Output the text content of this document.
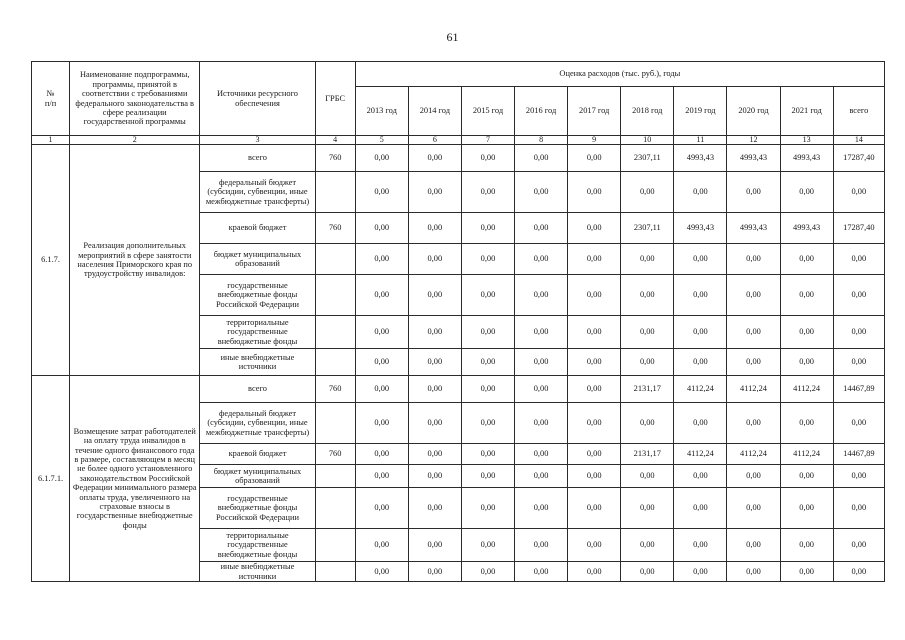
61
№
п/п	Наименование подпрограммы, программы, принятой в соответствии с требованиями федерального законодательства в сфере реализации государственной программы	Источники ресурсного обеспечения	ГРБС	Оценка расходов (тыс. руб.), годы									
				2013 год	2014 год	2015 год	2016 год	2017 год	2018 год	2019 год	2020 год	2021 год	всего
1	2	3	4	5	6	7	8	9	10	11	12	13	14
6.1.7.	Реализация дополнительных мероприятий в сфере занятости населения Приморского края по трудоустройству инвалидов:	всего	760	0,00	0,00	0,00	0,00	0,00	2307,11	4993,43	4993,43	4993,43	17287,40
		федеральный бюджет (субсидии, субвенции, иные межбюджетные трансферты)		0,00	0,00	0,00	0,00	0,00	0,00	0,00	0,00	0,00	0,00
		краевой бюджет	760	0,00	0,00	0,00	0,00	0,00	2307,11	4993,43	4993,43	4993,43	17287,40
		бюджет муниципальных образований		0,00	0,00	0,00	0,00	0,00	0,00	0,00	0,00	0,00	0,00
		государственные внебюджетные фонды Российской Федерации		0,00	0,00	0,00	0,00	0,00	0,00	0,00	0,00	0,00	0,00
		территориальные государственные внебюджетные фонды		0,00	0,00	0,00	0,00	0,00	0,00	0,00	0,00	0,00	0,00
		иные внебюджетные источники		0,00	0,00	0,00	0,00	0,00	0,00	0,00	0,00	0,00	0,00
6.1.7.1.	Возмещение затрат работодателей на оплату труда инвалидов в течение одного финансового года в размере, составляющем в месяц не более одного установленного законодательством Российской Федерации минимального размера оплаты труда, увеличенного на страховые взносы в государственные внебюджетные фонды	всего	760	0,00	0,00	0,00	0,00	0,00	2131,17	4112,24	4112,24	4112,24	14467,89
		федеральный бюджет (субсидии, субвенции, иные межбюджетные трансферты)		0,00	0,00	0,00	0,00	0,00	0,00	0,00	0,00	0,00	0,00
		краевой бюджет	760	0,00	0,00	0,00	0,00	0,00	2131,17	4112,24	4112,24	4112,24	14467,89
		бюджет муниципальных образований		0,00	0,00	0,00	0,00	0,00	0,00	0,00	0,00	0,00	0,00
		государственные внебюджетные фонды Российской Федерации		0,00	0,00	0,00	0,00	0,00	0,00	0,00	0,00	0,00	0,00
		территориальные государственные внебюджетные фонды		0,00	0,00	0,00	0,00	0,00	0,00	0,00	0,00	0,00	0,00
		иные внебюджетные источники		0,00	0,00	0,00	0,00	0,00	0,00	0,00	0,00	0,00	0,00
